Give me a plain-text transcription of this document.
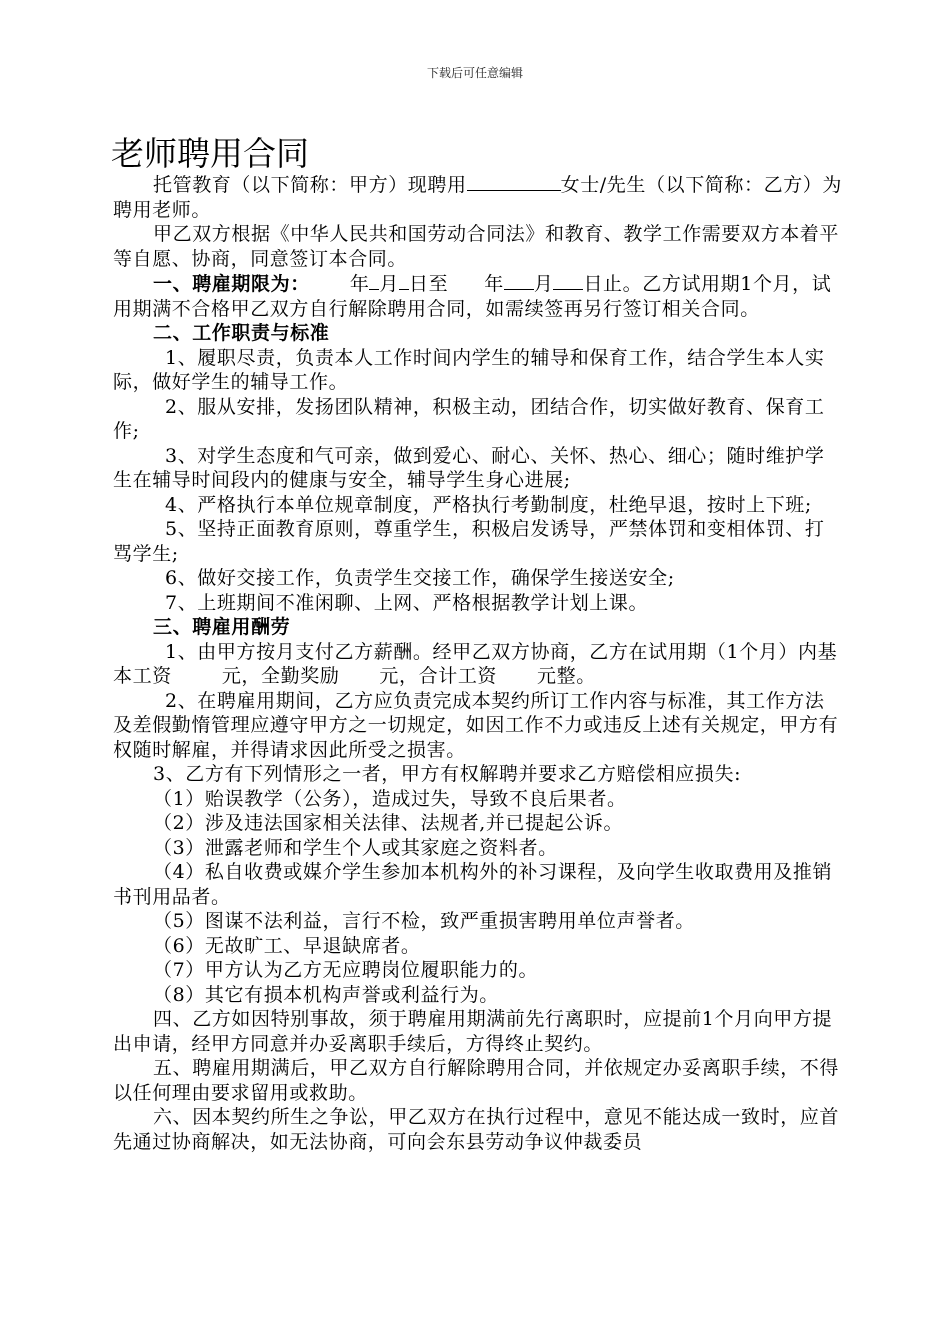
下载后可任意编辑
老师聘用合同

托管教育（以下简称：甲方）现聘用	女士/先生（以下简称：乙方）为聘用老师。

甲乙双方根据《中华人民共和国劳动合同法》和教育、教学工作需要双方本着平等自愿、协商，同意签订本合同。

一、聘雇期限为： 年 月 日至 年 月 日止。乙方试用期1个月，试用期满不合格甲乙双方自行解除聘用合同，如需续签再另行签订相关合同。

二、工作职责与标准

1、履职尽责，负责本人工作时间内学生的辅导和保育工作，结合学生本人实际，做好学生的辅导工作。

2、服从安排，发扬团队精神，积极主动，团结合作，切实做好教育、保育工作;

3、对学生态度和气可亲，做到爱心、耐心、关怀、热心、细心；随时维护学生在辅导时间段内的健康与安全，辅导学生身心进展;

4、严格执行本单位规章制度，严格执行考勤制度，杜绝早退，按时上下班;

5、坚持正面教育原则，尊重学生，积极启发诱导，严禁体罚和变相体罚、打骂学生;

6、做好交接工作，负责学生交接工作，确保学生接送安全;

7、上班期间不准闲聊、上网、严格根据教学计划上课。

三、聘雇用酬劳

1、由甲方按月支付乙方薪酬。经甲乙双方协商，乙方在试用期（1个月）内基本工资	元，全勤奖励 元，合计工资 元整。

2、在聘雇用期间，乙方应负责完成本契约所订工作内容与标准，其工作方法及差假勤惰管理应遵守甲方之一切规定，如因工作不力或违反上述有关规定，甲方有权随时解雇，并得请求因此所受之损害。

3、乙方有下列情形之一者，甲方有权解聘并要求乙方赔偿相应损失:

（1）贻误教学（公务），造成过失，导致不良后果者。

（2）涉及违法国家相关法律、法规者,并已提起公诉。

（3）泄露老师和学生个人或其家庭之资料者。

（4）私自收费或媒介学生参加本机构外的补习课程，及向学生收取费用及推销书刊用品者。

（5）图谋不法利益，言行不检，致严重损害聘用单位声誉者。

（6）无故旷工、早退缺席者。

（7）甲方认为乙方无应聘岗位履职能力的。

（8）其它有损本机构声誉或利益行为。

四、乙方如因特别事故，须于聘雇用期满前先行离职时，应提前1个月向甲方提出申请，经甲方同意并办妥离职手续后，方得终止契约。

五、聘雇用期满后，甲乙双方自行解除聘用合同，并依规定办妥离职手续，不得以任何理由要求留用或救助。

六、因本契约所生之争讼，甲乙双方在执行过程中，意见不能达成一致时，应首先通过协商解决，如无法协商，可向会东县劳动争议仲裁委员
